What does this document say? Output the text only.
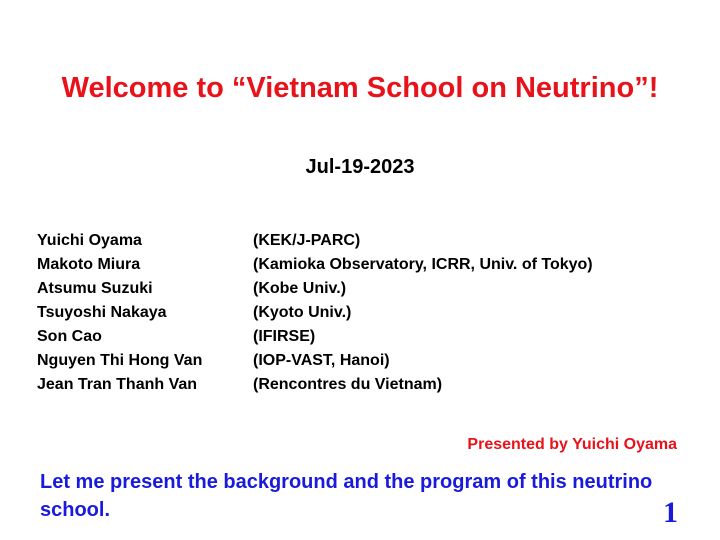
Welcome to “Vietnam School on Neutrino”!
Jul-19-2023
Yuichi Oyama	(KEK/J-PARC)
Makoto Miura	(Kamioka Observatory, ICRR, Univ. of Tokyo)
Atsumu Suzuki	(Kobe Univ.)
Tsuyoshi Nakaya	(Kyoto Univ.)
Son Cao	(IFIRSE)
Nguyen Thi Hong Van	(IOP-VAST, Hanoi)
Jean Tran Thanh Van	(Rencontres du Vietnam)
Presented by Yuichi Oyama
Let me present the background and the program of this neutrino school.	1
